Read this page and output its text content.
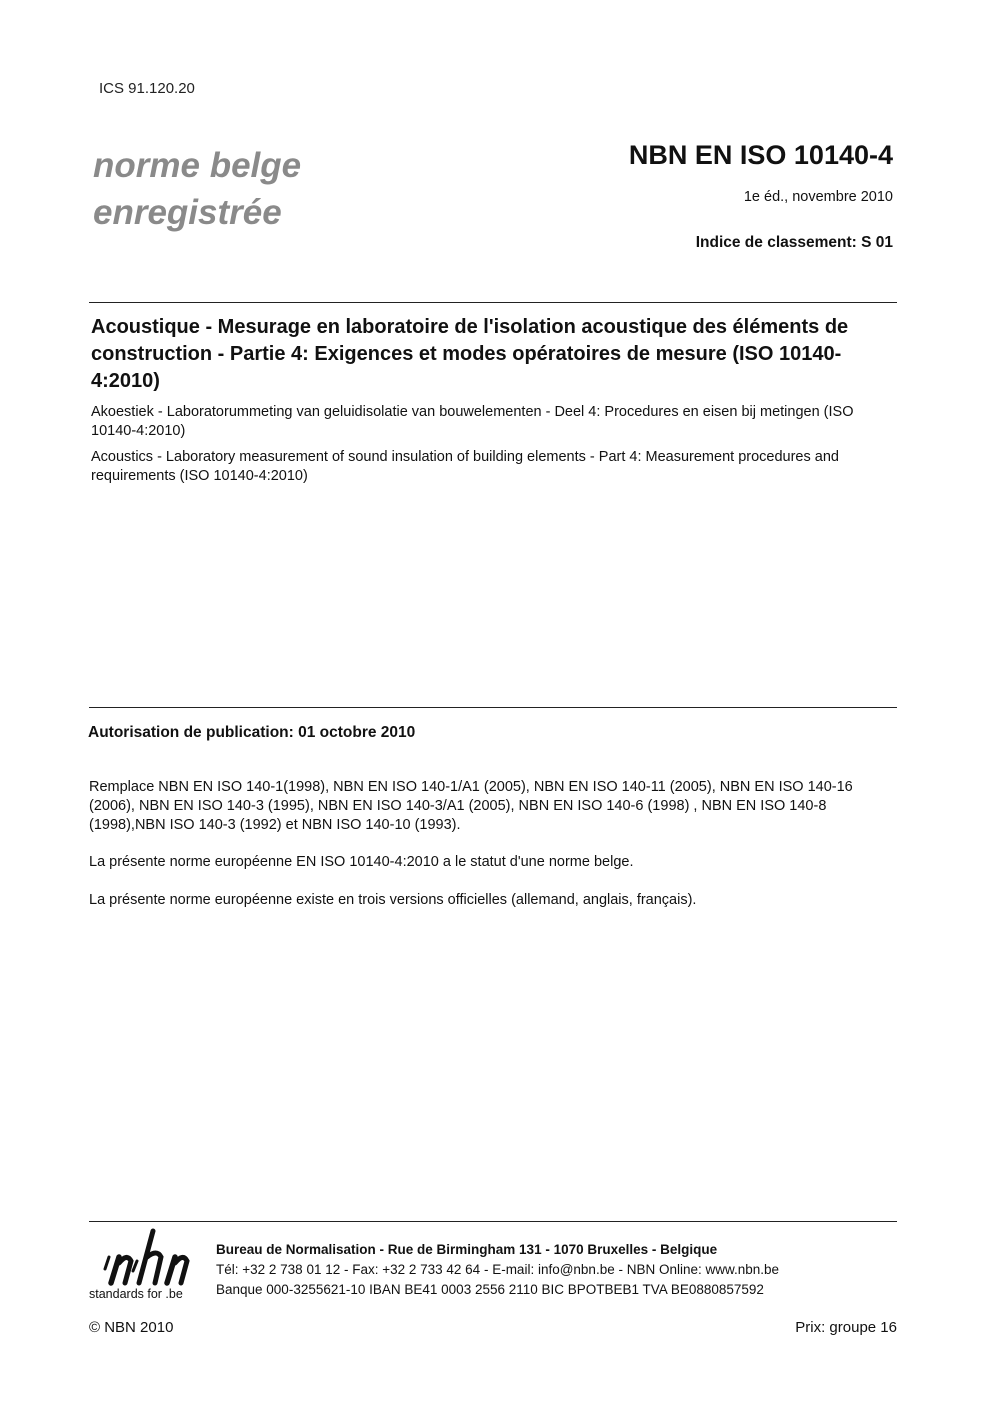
ICS 91.120.20
norme belge
enregistrée
NBN EN ISO 10140-4
1e éd., novembre 2010
Indice de classement: S 01
Acoustique - Mesurage en laboratoire de l'isolation acoustique des éléments de construction - Partie 4: Exigences et modes opératoires de mesure (ISO 10140-4:2010)
Akoestiek - Laboratorummeting van geluidisolatie van bouwelementen - Deel 4: Procedures en eisen bij metingen (ISO 10140-4:2010)
Acoustics - Laboratory measurement of sound insulation of building elements - Part 4: Measurement procedures and requirements (ISO 10140-4:2010)
Autorisation de publication: 01 octobre 2010
Remplace NBN EN ISO 140-1(1998), NBN EN ISO 140-1/A1 (2005), NBN EN ISO 140-11 (2005), NBN EN ISO 140-16 (2006), NBN EN ISO 140-3 (1995), NBN EN ISO 140-3/A1 (2005), NBN EN ISO 140-6 (1998) , NBN EN ISO 140-8 (1998),NBN ISO 140-3 (1992) et NBN ISO 140-10 (1993).
La présente norme européenne EN ISO 10140-4:2010 a le statut d'une norme belge.
La présente norme européenne existe en trois versions officielles (allemand, anglais, français).
nbn
standards for .be
Bureau de Normalisation - Rue de Birmingham 131 - 1070 Bruxelles - Belgique
Tél: +32 2 738 01 12 - Fax: +32 2 733 42 64 - E-mail: info@nbn.be - NBN Online: www.nbn.be
Banque 000-3255621-10 IBAN BE41 0003 2556 2110 BIC BPOTBEB1 TVA BE0880857592
© NBN 2010	Prix: groupe 16
